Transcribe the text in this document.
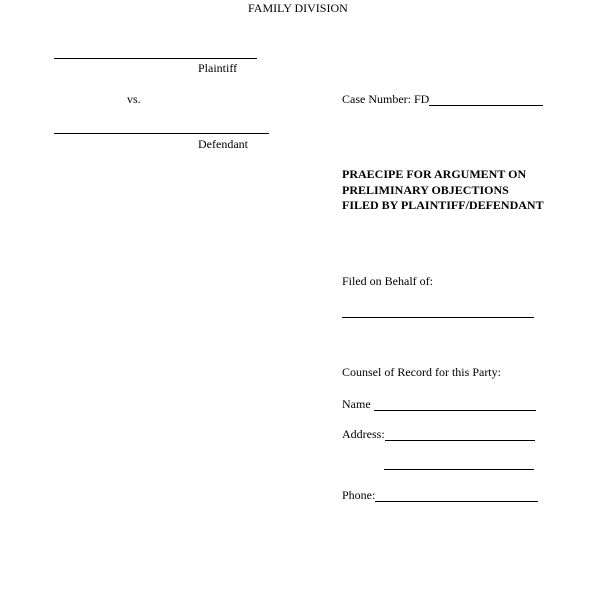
FAMILY DIVISION
Plaintiff
vs.	Case Number: FD
Defendant
PRAECIPE FOR ARGUMENT ON
PRELIMINARY OBJECTIONS
FILED BY PLAINTIFF/DEFENDANT
Filed on Behalf of:
Counsel of Record for this Party:
Name
Address:
Phone:
